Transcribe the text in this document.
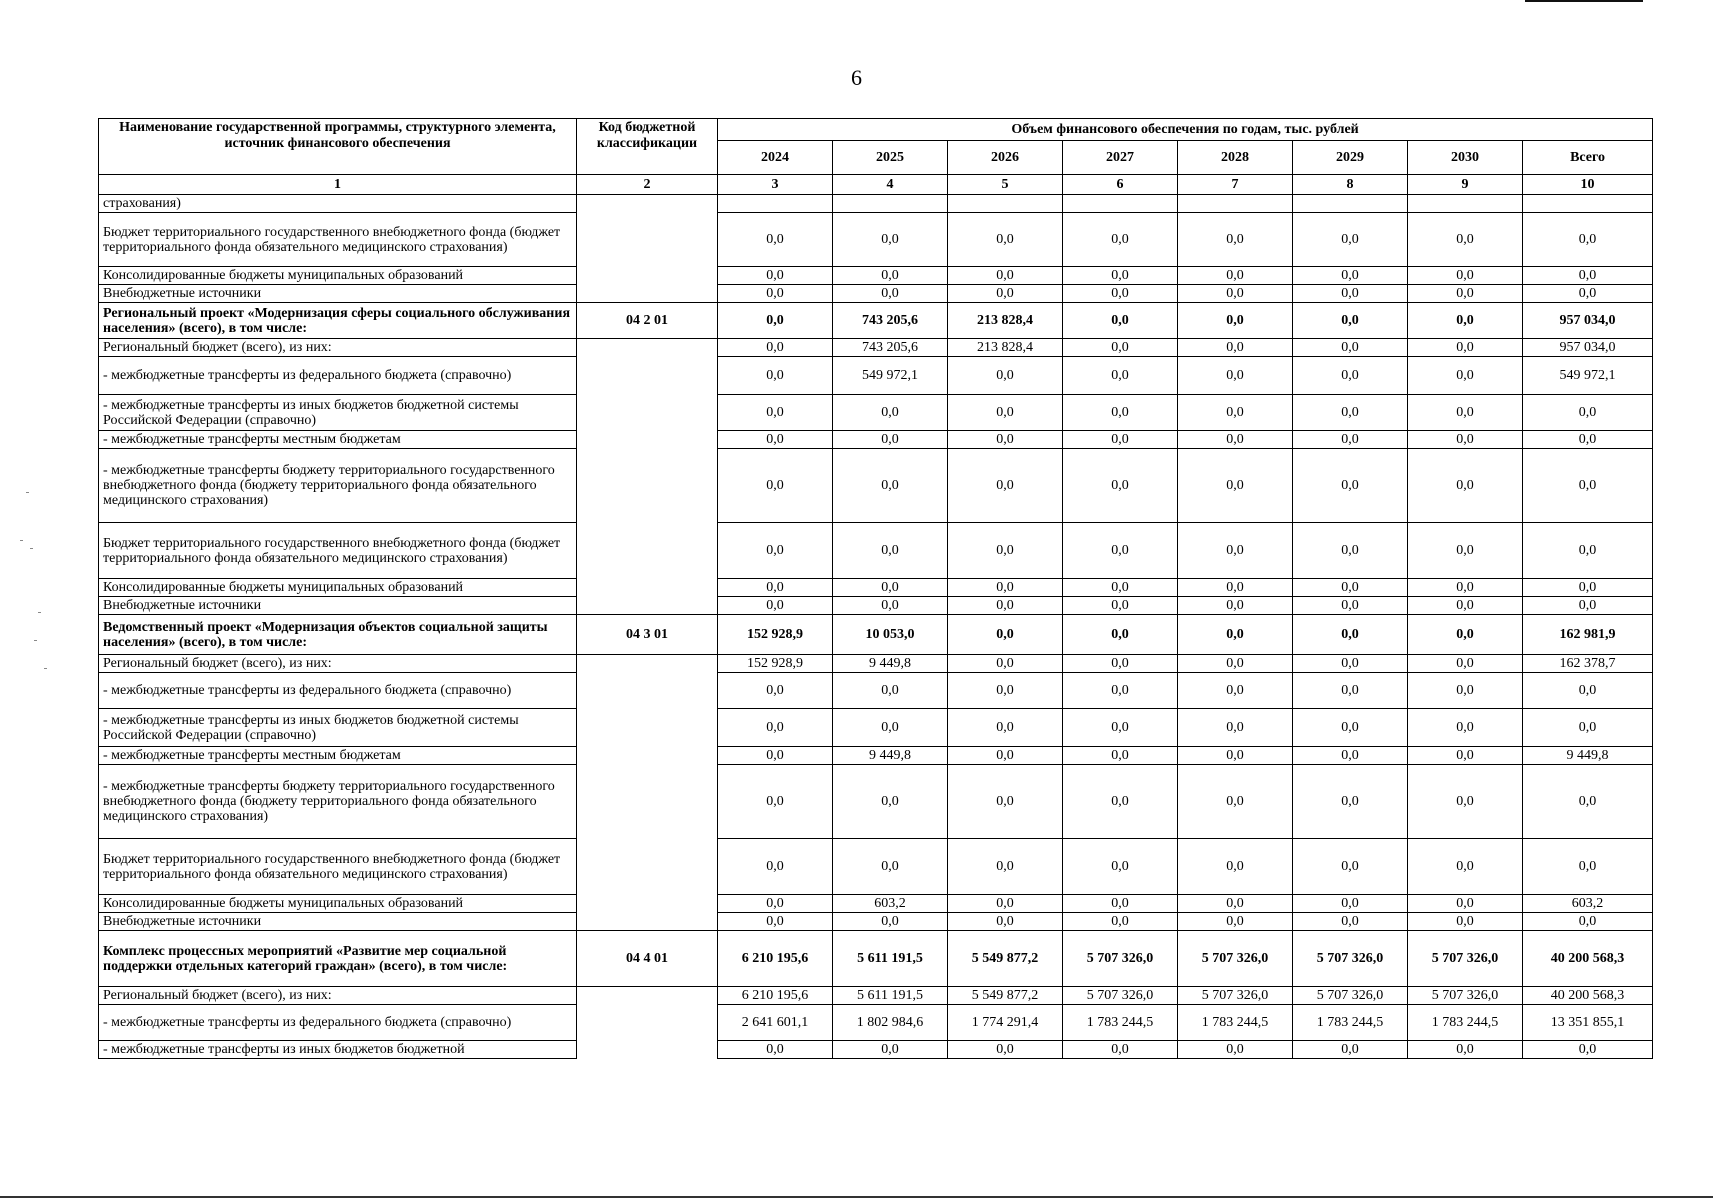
6
Наименование государственной программы, структурного элемента, источник финансового обеспечения	Код бюджетной классификации	Объем финансового обеспечения по годам, тыс. рублей							
		2024	2025	2026	2027	2028	2029	2030	Всего
1	2	3	4	5	6	7	8	9	10
страхования)									
Бюджет территориального государственного внебюджетного фонда (бюджет территориального фонда обязательного медицинского страхования)		0,0	0,0	0,0	0,0	0,0	0,0	0,0	0,0
Консолидированные бюджеты муниципальных образований		0,0	0,0	0,0	0,0	0,0	0,0	0,0	0,0
Внебюджетные источники		0,0	0,0	0,0	0,0	0,0	0,0	0,0	0,0
Региональный проект «Модернизация сферы социального обслуживания населения» (всего), в том числе:	04 2 01	0,0	743 205,6	213 828,4	0,0	0,0	0,0	0,0	957 034,0
Региональный бюджет (всего), из них:		0,0	743 205,6	213 828,4	0,0	0,0	0,0	0,0	957 034,0
- межбюджетные трансферты из федерального бюджета (справочно)		0,0	549 972,1	0,0	0,0	0,0	0,0	0,0	549 972,1
- межбюджетные трансферты из иных бюджетов бюджетной системы Российской Федерации (справочно)		0,0	0,0	0,0	0,0	0,0	0,0	0,0	0,0
- межбюджетные трансферты местным бюджетам		0,0	0,0	0,0	0,0	0,0	0,0	0,0	0,0
- межбюджетные трансферты бюджету территориального государственного внебюджетного фонда (бюджету территориального фонда обязательного медицинского страхования)		0,0	0,0	0,0	0,0	0,0	0,0	0,0	0,0
Бюджет территориального государственного внебюджетного фонда (бюджет территориального фонда обязательного медицинского страхования)		0,0	0,0	0,0	0,0	0,0	0,0	0,0	0,0
Консолидированные бюджеты муниципальных образований		0,0	0,0	0,0	0,0	0,0	0,0	0,0	0,0
Внебюджетные источники		0,0	0,0	0,0	0,0	0,0	0,0	0,0	0,0
Ведомственный проект «Модернизация объектов социальной защиты населения» (всего), в том числе:	04 3 01	152 928,9	10 053,0	0,0	0,0	0,0	0,0	0,0	162 981,9
Региональный бюджет (всего), из них:		152 928,9	9 449,8	0,0	0,0	0,0	0,0	0,0	162 378,7
- межбюджетные трансферты из федерального бюджета (справочно)		0,0	0,0	0,0	0,0	0,0	0,0	0,0	0,0
- межбюджетные трансферты из иных бюджетов бюджетной системы Российской Федерации (справочно)		0,0	0,0	0,0	0,0	0,0	0,0	0,0	0,0
- межбюджетные трансферты местным бюджетам		0,0	9 449,8	0,0	0,0	0,0	0,0	0,0	9 449,8
- межбюджетные трансферты бюджету территориального государственного внебюджетного фонда (бюджету территориального фонда обязательного медицинского страхования)		0,0	0,0	0,0	0,0	0,0	0,0	0,0	0,0
Бюджет территориального государственного внебюджетного фонда (бюджет территориального фонда обязательного медицинского страхования)		0,0	0,0	0,0	0,0	0,0	0,0	0,0	0,0
Консолидированные бюджеты муниципальных образований		0,0	603,2	0,0	0,0	0,0	0,0	0,0	603,2
Внебюджетные источники		0,0	0,0	0,0	0,0	0,0	0,0	0,0	0,0
Комплекс процессных мероприятий «Развитие мер социальной поддержки отдельных категорий граждан» (всего), в том числе:	04 4 01	6 210 195,6	5 611 191,5	5 549 877,2	5 707 326,0	5 707 326,0	5 707 326,0	5 707 326,0	40 200 568,3
Региональный бюджет (всего), из них:		6 210 195,6	5 611 191,5	5 549 877,2	5 707 326,0	5 707 326,0	5 707 326,0	5 707 326,0	40 200 568,3
- межбюджетные трансферты из федерального бюджета (справочно)		2 641 601,1	1 802 984,6	1 774 291,4	1 783 244,5	1 783 244,5	1 783 244,5	1 783 244,5	13 351 855,1
- межбюджетные трансферты из иных бюджетов бюджетной		0,0	0,0	0,0	0,0	0,0	0,0	0,0	0,0
